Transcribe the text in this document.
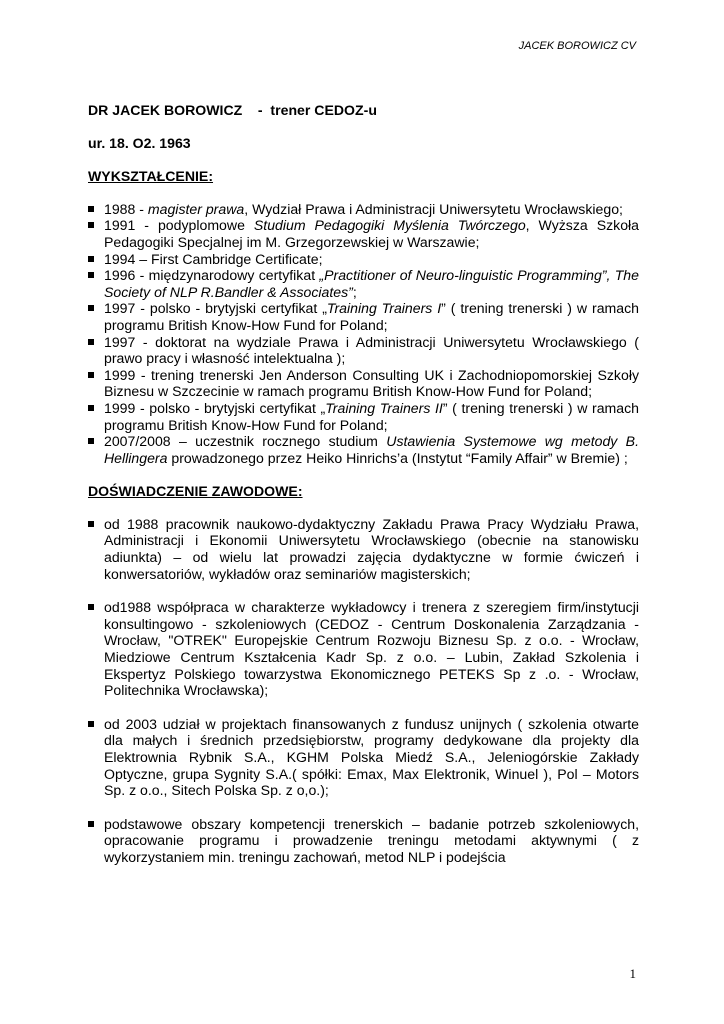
JACEK BOROWICZ CV
DR JACEK BOROWICZ    -  trener CEDOZ-u
ur. 18. O2. 1963
WYKSZTAŁCENIE:
1988 - magister prawa, Wydział Prawa i Administracji Uniwersytetu Wrocławskiego;
1991 - podyplomowe Studium Pedagogiki Myślenia Twórczego, Wyższa Szkoła Pedagogiki Specjalnej im M. Grzegorzewskiej w Warszawie;
1994 – First Cambridge Certificate;
1996 - międzynarodowy certyfikat „Practitioner of Neuro-linguistic Programming”, The Society of NLP R.Bandler & Associates”;
1997 - polsko - brytyjski certyfikat „Training Trainers I” ( trening trenerski ) w ramach programu British Know-How Fund for Poland;
1997 - doktorat na wydziale Prawa i Administracji Uniwersytetu Wrocławskiego ( prawo pracy i własność intelektualna );
1999 - trening trenerski Jen Anderson Consulting UK i Zachodniopomorskiej Szkoły Biznesu w Szczecinie w ramach programu British Know-How Fund for Poland;
1999 - polsko - brytyjski certyfikat „Training Trainers II” ( trening trenerski ) w ramach programu British Know-How Fund for Poland;
2007/2008 – uczestnik rocznego studium Ustawienia Systemowe wg metody B. Hellingera prowadzonego przez Heiko Hinrichs’a (Instytut “Family Affair” w Bremie) ;
DOŚWIADCZENIE ZAWODOWE:
od 1988 pracownik naukowo-dydaktyczny Zakładu Prawa Pracy Wydziału Prawa, Administracji i Ekonomii Uniwersytetu Wrocławskiego (obecnie na stanowisku adiunkta) – od wielu lat prowadzi zajęcia dydaktyczne w formie ćwiczeń i konwersatoriów, wykładów oraz seminariów magisterskich;
od1988 współpraca w charakterze wykładowcy i trenera z szeregiem firm/instytucji konsultingowo - szkoleniowych (CEDOZ - Centrum Doskonalenia Zarządzania - Wrocław, "OTREK" Europejskie Centrum Rozwoju Biznesu Sp. z o.o. - Wrocław, Miedziowe Centrum Kształcenia Kadr Sp. z o.o. – Lubin, Zakład Szkolenia i Ekspertyz Polskiego towarzystwa Ekonomicznego PETEKS Sp z .o. - Wrocław, Politechnika Wrocławska);
od 2003 udział w projektach finansowanych z fundusz unijnych ( szkolenia otwarte dla małych i średnich przedsiębiorstw, programy dedykowane dla projekty dla Elektrownia Rybnik S.A., KGHM Polska Miedź S.A., Jeleniogórskie Zakłady Optyczne, grupa Sygnity S.A.( spółki: Emax, Max Elektronik, Winuel ), Pol – Motors Sp. z o.o., Sitech Polska Sp. z o,o.);
podstawowe obszary kompetencji trenerskich – badanie potrzeb szkoleniowych, opracowanie programu i prowadzenie treningu metodami aktywnymi ( z wykorzystaniem min. treningu zachowań, metod NLP i podejścia
1
